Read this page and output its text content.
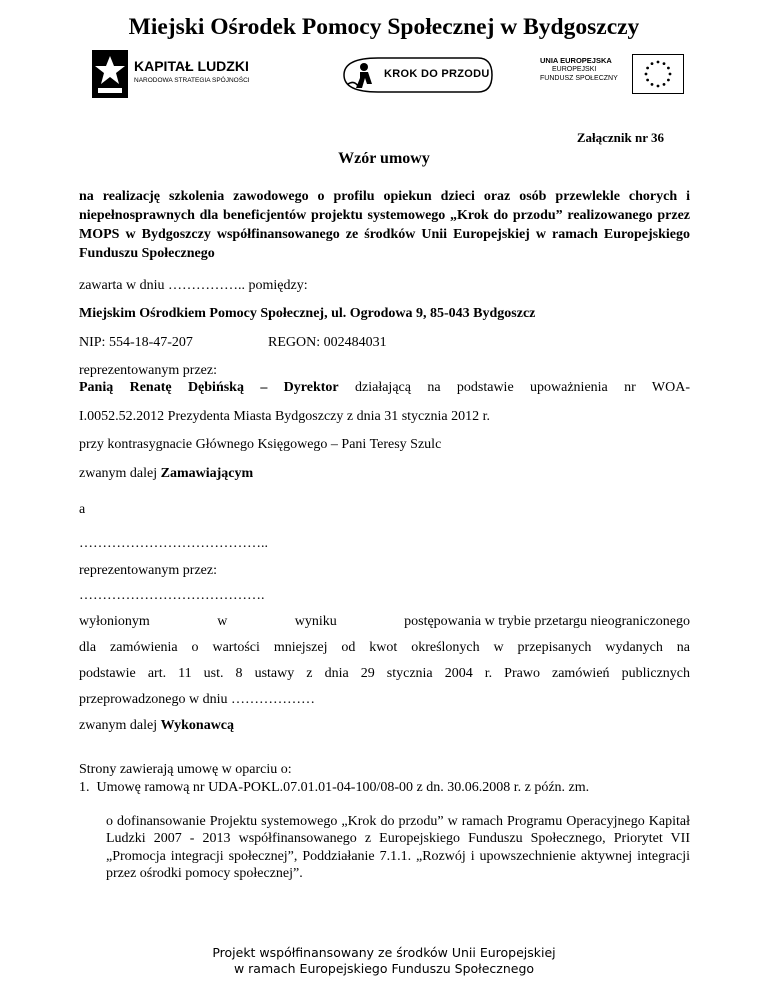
Miejski Ośrodek Pomocy Społecznej w Bydgoszczy
KAPITAŁ LUDZKI
NARODOWA STRATEGIA SPÓJNOŚCI
KROK DO PRZODU
UNIA EUROPEJSKA
EUROPEJSKI
FUNDUSZ SPOŁECZNY
Załącznik nr 36
Wzór umowy
na realizację szkolenia zawodowego o profilu opiekun dzieci oraz osób przewlekle chorych i niepełnosprawnych dla beneficjentów projektu systemowego „Krok do przodu” realizowanego przez MOPS w Bydgoszczy współfinansowanego ze środków Unii Europejskiej w ramach Europejskiego Funduszu Społecznego
zawarta w dniu …………….. pomiędzy:
Miejskim Ośrodkiem Pomocy Społecznej, ul. Ogrodowa 9, 85-043 Bydgoszcz
NIP: 554-18-47-207	REGON: 002484031
reprezentowanym przez:
Panią Renatę Dębińską – Dyrektor działającą na podstawie upoważnienia nr WOA-
I.0052.52.2012 Prezydenta Miasta Bydgoszczy z dnia 31 stycznia 2012 r.
przy kontrasygnacie Głównego Księgowego – Pani Teresy Szulc
zwanym dalej Zamawiającym
a
…………………………………..
reprezentowanym przez:
………………………………….
wyłonionym	w	wyniku	postępowania w trybie przetargu nieograniczonego
dla zamówienia o wartości mniejszej od kwot określonych w przepisanych wydanych na
podstawie art. 11 ust. 8 ustawy z dnia 29 stycznia 2004 r. Prawo zamówień publicznych
przeprowadzonego w dniu ………………
zwanym dalej Wykonawcą
Strony zawierają umowę w oparciu o:
1. Umowę ramową nr UDA-POKL.07.01.01-04-100/08-00 z dn. 30.06.2008 r. z późn. zm.
o dofinansowanie Projektu systemowego „Krok do przodu” w ramach Programu Operacyjnego Kapitał Ludzki 2007 - 2013 współfinansowanego z Europejskiego Funduszu Społecznego, Priorytet VII „Promocja integracji społecznej”, Poddziałanie 7.1.1. „Rozwój i upowszechnienie aktywnej integracji przez ośrodki pomocy społecznej”.
Projekt współfinansowany ze środków Unii Europejskiej
w ramach Europejskiego Funduszu Społecznego
